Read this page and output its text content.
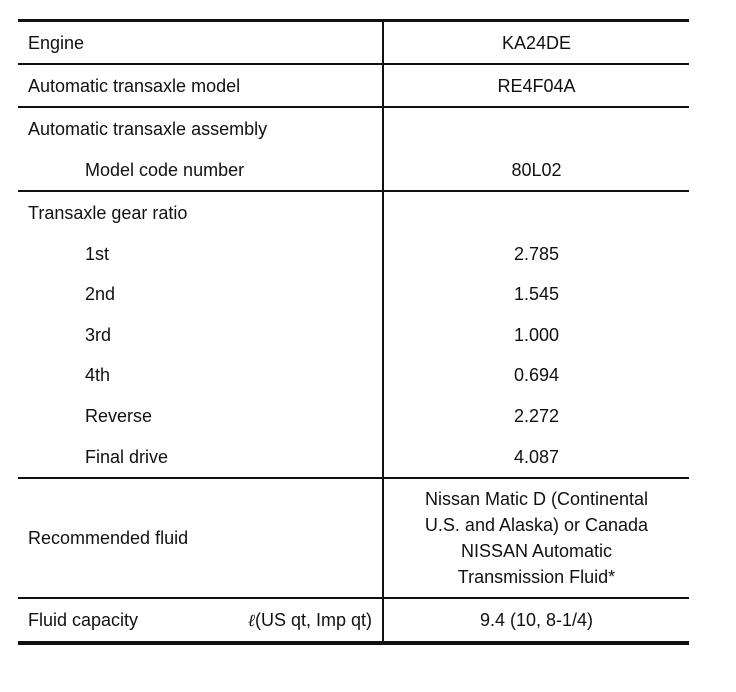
Engine	KA24DE
Automatic transaxle model	RE4F04A
Automatic transaxle assembly	
Model code number	80L02
Transaxle gear ratio	
1st	2.785
2nd	1.545
3rd	1.000
4th	0.694
Reverse	2.272
Final drive	4.087
Recommended fluid	Nissan Matic D (Continental
U.S. and Alaska) or Canada
NISSAN Automatic
Transmission Fluid*

Fluid capacity ℓ(US qt, Imp qt)	9.4 (10, 8-1/4)
